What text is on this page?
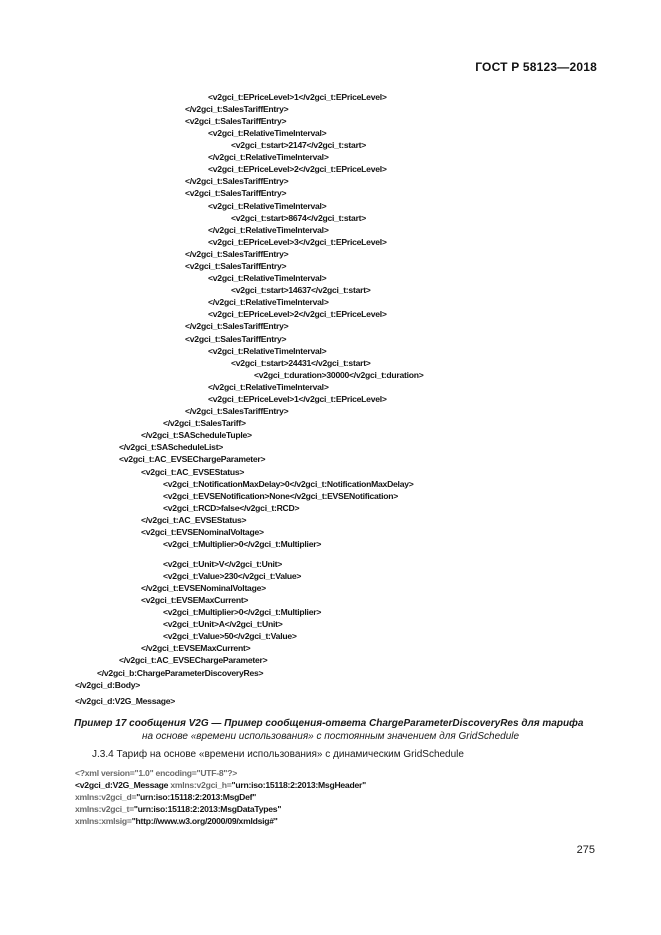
ГОСТ Р 58123—2018
<v2gci_t:EPriceLevel>1</v2gci_t:EPriceLevel>
</v2gci_t:SalesTariffEntry>
<v2gci_t:SalesTariffEntry>
<v2gci_t:RelativeTimeInterval>
<v2gci_t:start>2147</v2gci_t:start>
</v2gci_t:RelativeTimeInterval>
<v2gci_t:EPriceLevel>2</v2gci_t:EPriceLevel>
</v2gci_t:SalesTariffEntry>
<v2gci_t:SalesTariffEntry>
<v2gci_t:RelativeTimeInterval>
<v2gci_t:start>8674</v2gci_t:start>
</v2gci_t:RelativeTimeInterval>
<v2gci_t:EPriceLevel>3</v2gci_t:EPriceLevel>
</v2gci_t:SalesTariffEntry>
<v2gci_t:SalesTariffEntry>
<v2gci_t:RelativeTimeInterval>
<v2gci_t:start>14637</v2gci_t:start>
</v2gci_t:RelativeTimeInterval>
<v2gci_t:EPriceLevel>2</v2gci_t:EPriceLevel>
</v2gci_t:SalesTariffEntry>
<v2gci_t:SalesTariffEntry>
<v2gci_t:RelativeTimeInterval>
<v2gci_t:start>24431</v2gci_t:start>
<v2gci_t:duration>30000</v2gci_t:duration>
</v2gci_t:RelativeTimeInterval>
<v2gci_t:EPriceLevel>1</v2gci_t:EPriceLevel>
</v2gci_t:SalesTariffEntry>
</v2gci_t:SalesTariff>
</v2gci_t:SAScheduleTuple>
</v2gci_t:SAScheduleList>
<v2gci_t:AC_EVSEChargeParameter>
<v2gci_t:AC_EVSEStatus>
<v2gci_t:NotificationMaxDelay>0</v2gci_t:NotificationMaxDelay>
<v2gci_t:EVSENotification>None</v2gci_t:EVSENotification>
<v2gci_t:RCD>false</v2gci_t:RCD>
</v2gci_t:AC_EVSEStatus>
<v2gci_t:EVSENominalVoltage>
<v2gci_t:Multiplier>0</v2gci_t:Multiplier>
<v2gci_t:Unit>V</v2gci_t:Unit>
<v2gci_t:Value>230</v2gci_t:Value>
</v2gci_t:EVSENominalVoltage>
<v2gci_t:EVSEMaxCurrent>
<v2gci_t:Multiplier>0</v2gci_t:Multiplier>
<v2gci_t:Unit>A</v2gci_t:Unit>
<v2gci_t:Value>50</v2gci_t:Value>
</v2gci_t:EVSEMaxCurrent>
</v2gci_t:AC_EVSEChargeParameter>
</v2gci_b:ChargeParameterDiscoveryRes>
</v2gci_d:Body>
</v2gci_d:V2G_Message>
Пример 17 сообщения V2G — Пример сообщения-ответа ChargeParameterDiscoveryRes для тарифа
на основе «времени использования» с постоянным значением для GridSchedule
J.3.4 Тариф на основе «времени использования» с динамическим GridSchedule
<?xml version="1.0" encoding="UTF-8"?>
<v2gci_d:V2G_Message xmlns:v2gci_h="urn:iso:15118:2:2013:MsgHeader"
xmlns:v2gci_d="urn:iso:15118:2:2013:MsgDef"
xmlns:v2gci_t="urn:iso:15118:2:2013:MsgDataTypes"
xmlns:xmlsig="http://www.w3.org/2000/09/xmldsig#"
275
